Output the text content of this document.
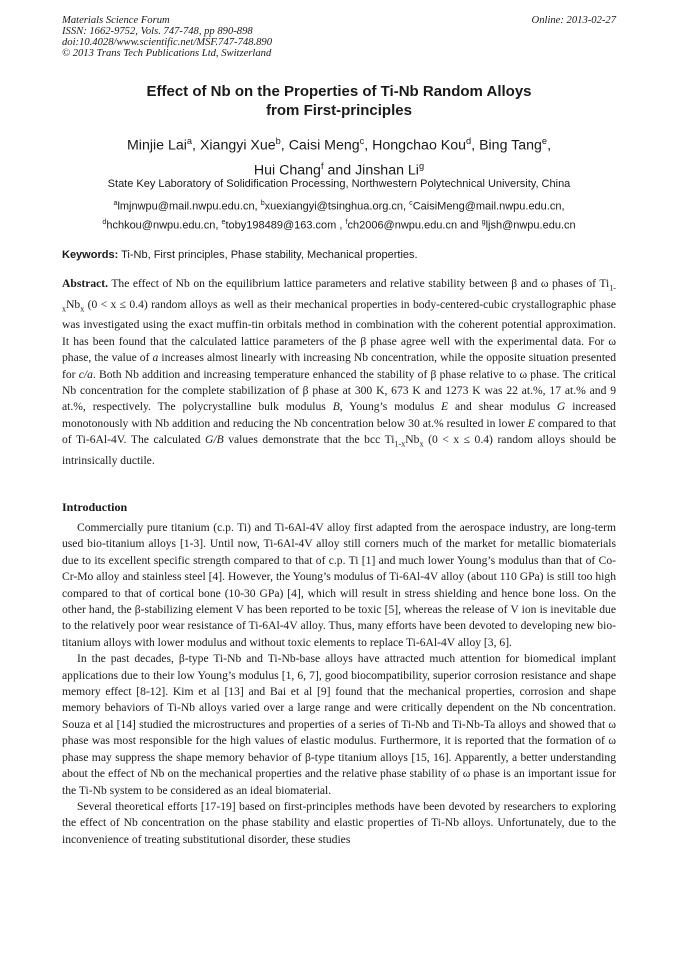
Materials Science Forum
ISSN: 1662-9752, Vols. 747-748, pp 890-898
doi:10.4028/www.scientific.net/MSF.747-748.890
© 2013 Trans Tech Publications Ltd, Switzerland
Online: 2013-02-27
Effect of Nb on the Properties of Ti-Nb Random Alloys
from First-principles
Minjie Lai$^a$, Xiangyi Xue$^b$, Caisi Meng$^c$, Hongchao Kou$^d$, Bing Tang$^e$,
Hui Chang$^f$ and Jinshan Li$^g$
State Key Laboratory of Solidification Processing, Northwestern Polytechnical University, China
$^a$lmjnwpu@mail.nwpu.edu.cn, $^b$xuexiangyi@tsinghua.org.cn, $^c$CaisiMeng@mail.nwpu.edu.cn,
$^d$hchkou@nwpu.edu.cn, $^e$toby198489@163.com , $^f$ch2006@nwpu.edu.cn and $^g$ljsh@nwpu.edu.cn
Keywords: Ti-Nb, First principles, Phase stability, Mechanical properties.
Abstract. The effect of Nb on the equilibrium lattice parameters and relative stability between β and ω phases of $Ti_{1-x}Nb_x$ (0 < x ≤ 0.4) random alloys as well as their mechanical properties in body-centered-cubic crystallographic phase was investigated using the exact muffin-tin orbitals method in combination with the coherent potential approximation. It has been found that the calculated lattice parameters of the β phase agree well with the experimental data. For ω phase, the value of a increases almost linearly with increasing Nb concentration, while the opposite situation presented for c/a. Both Nb addition and increasing temperature enhanced the stability of β phase relative to ω phase. The critical Nb concentration for the complete stabilization of β phase at 300 K, 673 K and 1273 K was 22 at.%, 17 at.% and 9 at.%, respectively. The polycrystalline bulk modulus B, Young’s modulus E and shear modulus G increased monotonously with Nb addition and reducing the Nb concentration below 30 at.% resulted in lower E compared to that of Ti-6Al-4V. The calculated G/B values demonstrate that the bcc $Ti_{1-x}Nb_x$ (0 < x ≤ 0.4) random alloys should be intrinsically ductile.
Introduction

Commercially pure titanium (c.p. Ti) and Ti-6Al-4V alloy first adapted from the aerospace industry, are long-term used bio-titanium alloys [1-3]. Until now, Ti-6Al-4V alloy still corners much of the market for metallic biomaterials due to its excellent specific strength compared to that of c.p. Ti [1] and much lower Young’s modulus than that of Co-Cr-Mo alloy and stainless steel [4]. However, the Young’s modulus of Ti-6Al-4V alloy (about 110 GPa) is still too high compared to that of cortical bone (10-30 GPa) [4], which will result in stress shielding and hence bone loss. On the other hand, the β-stabilizing element V has been reported to be toxic [5], whereas the release of V ion is inevitable due to the relatively poor wear resistance of Ti-6Al-4V alloy. Thus, many efforts have been devoted to developing new bio-titanium alloys with lower modulus and without toxic elements to replace Ti-6Al-4V alloy [3, 6].

In the past decades, β-type Ti-Nb and Ti-Nb-base alloys have attracted much attention for biomedical implant applications due to their low Young’s modulus [1, 6, 7], good biocompatibility, superior corrosion resistance and shape memory effect [8-12]. Kim et al [13] and Bai et al [9] found that the mechanical properties, corrosion and shape memory behaviors of Ti-Nb alloys varied over a large range and were critically dependent on the Nb concentration. Souza et al [14] studied the microstructures and properties of a series of Ti-Nb and Ti-Nb-Ta alloys and showed that ω phase was most responsible for the high values of elastic modulus. Furthermore, it is reported that the formation of ω phase may suppress the shape memory behavior of β-type titanium alloys [15, 16]. Apparently, a better understanding about the effect of Nb on the mechanical properties and the relative phase stability of ω phase is an important issue for the Ti-Nb system to be considered as an ideal biomaterial.

Several theoretical efforts [17-19] based on first-principles methods have been devoted by researchers to exploring the effect of Nb concentration on the phase stability and elastic properties of Ti-Nb alloys. Unfortunately, due to the inconvenience of treating substitutional disorder, these studies
